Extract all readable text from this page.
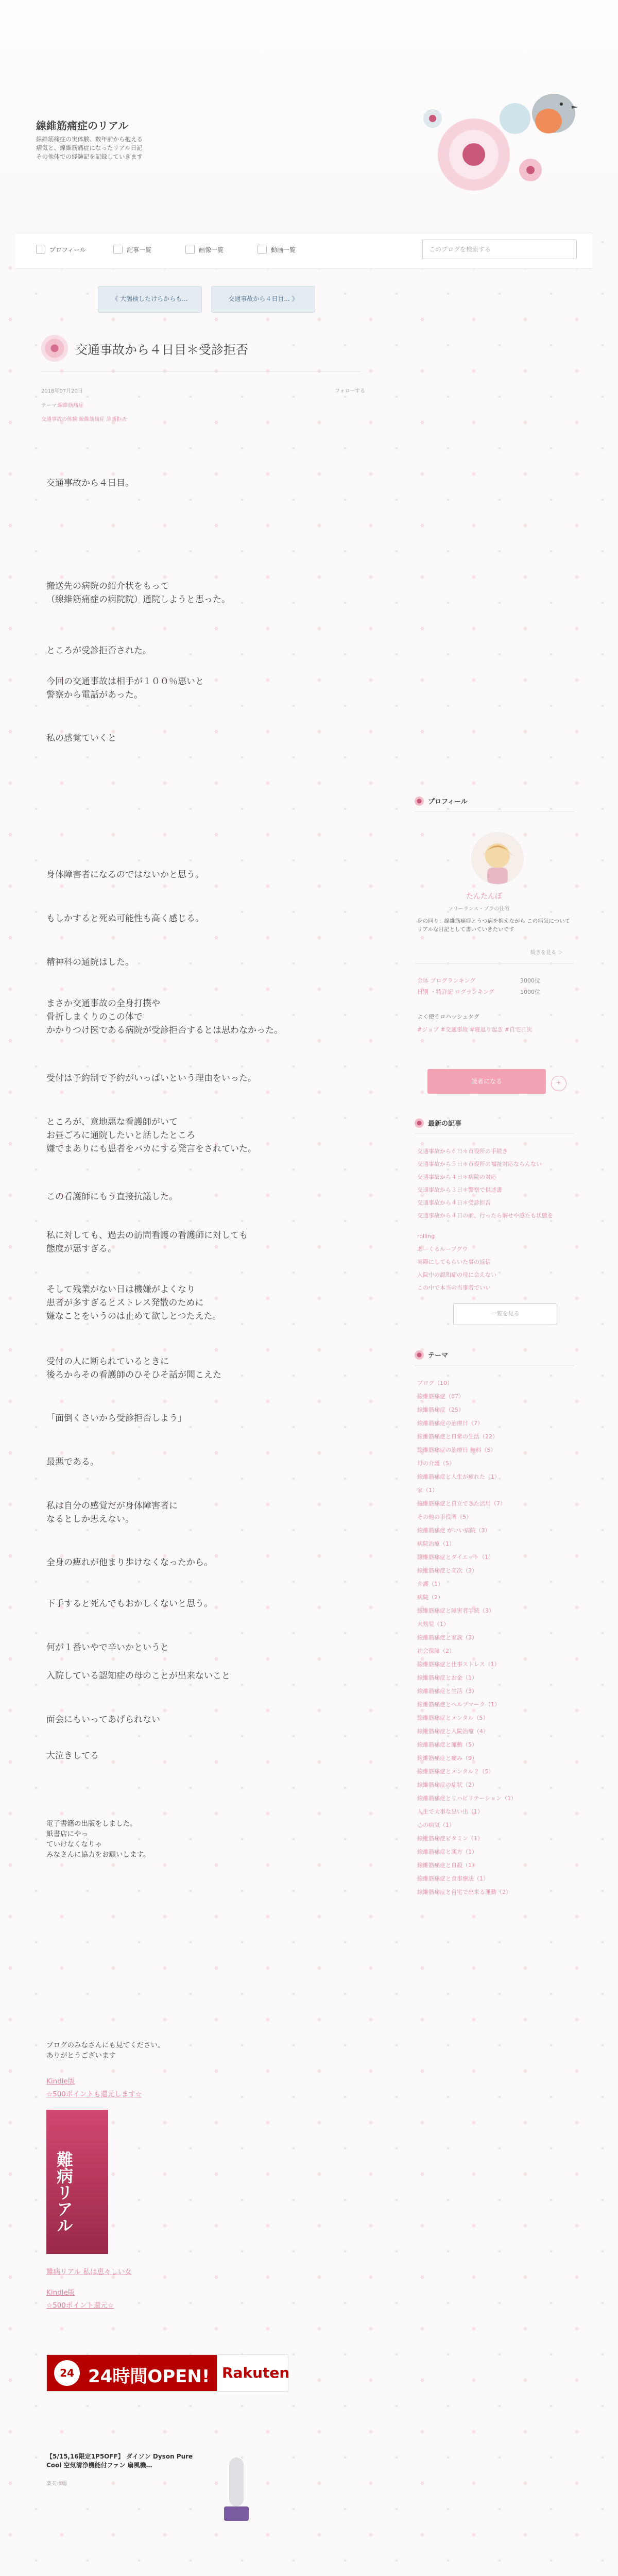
線維筋痛症のリアル
線維筋痛症の実体験、数年前から抱える
病気と、線維筋痛症になったリアル日記
その他体での経験記を記録していきます
プロフィール	記事一覧	画像一覧	動画一覧	このブログを検索する
《 大腸検したけらからも...	交通事故から４日目... 》
交通事故から４日目＊受診拒否
2018年07月20日	フォローする
テーマ：
線維筋痛症
交通事故の体験 線維筋痛症 診断拒否

交通事故から４日目。

搬送先の病院の紹介状をもって
（線維筋痛症の病院院）通院しようと思った。

ところが受診拒否された。

今回の交通事故は相手が１００％悪いと
警察から電話があった。

私の感覚ていくと

身体障害者になるのではないかと思う。

もしかすると死ぬ可能性も高く感じる。

精神科の通院はした。

まさか交通事故の全身打撲や
骨折しまくりのこの体で
かかりつけ医である病院が受診拒否するとは思わなかった。

受付は予約制で予約がいっぱいという理由をいった。

ところが、意地悪な看護師がいて
お昼ごろに通院したいと話したところ
嫌でまありにも患者をバカにする発言をされていた。

この看護師にもう直接抗議した。

私に対しても、過去の訪問看護の看護師に対しても
態度が悪すぎる。

そして残業がない日は機嫌がよくなり
患者が多すぎるとストレス発散のために
嫌なことをいうのは止めて欲しとつたえた。

受付の人に断られているときに
後ろからその看護師のひそひそ話が聞こえた

「面倒くさいから受診拒否しよう」

最悪である。

私は自分の感覚だが身体障害者に
なるとしか思えない。

全身の痺れが他まり歩けなくなったから。

下手すると死んでもおかしくないと思う。

何が１番いやで辛いかというと

入院している認知症の母のことが出来ないこと

面会にもいってあげられない

大泣きしてる

電子書籍の出版をしました。
紙書店にやっ
ていけなくなりゃ
みなさんに協力をお願いします。

ブログのみなさんにも見てください。
ありがとうございます

Kindle版

☆500ポイントも還元します☆

難病リアル

難病リアル 私は恵々しい女

Kindle版

☆500ポイント還元☆

24 24時間OPEN! Rakuten
【5/15,16限定1P5OFF】 ダイソン Dyson Pure Cool 空気清浄機能付ファン 扇風機…
楽天市場
プロフィール
たんたんぽ
フリーランス・ブラの住所
身の回り：線維筋痛症とうつ病を抱えながら この病気についてリアルな日記として書いていきたいです
続きを見る ＞
全体 プログランキング	3000位
日別 ・特許記 ログランキング	1000位
よく使うロハッシュタグ
#ジョブ #交通事故 #寝返り起き #自宅日次
読者になる	+
最新の記事
交通事故から６日＊市役所の手続き
交通事故から５日＊市役所の福祉対応ならんない
交通事故から４日＊病院の対応
交通事故から３日＊警察で供述書
交通事故から４日＊受診拒否
交通事故から４日の前、行ったら解せや感たも状態を
rolling
あーくるループグウ
実際にしてもらいた事の返信
入院中の認知症の母に会えない
この中で本当の当事者でいい
一覧を見る
テーマ
ブログ（10）
線維筋痛症（67）
線維筋痛症（25）
線維筋痛症の治療日（7）
線維筋痛症と日常の生活（22）
線維筋痛症の治療日 無料（5）
母の介護（5）
線維筋痛症と人生が疲れた（1）
家（1）
線維筋痛症と自立できた活用（7）
その他の市役所（5）
線維筋痛症 がいい病院（3）
病院治療（1）
線維筋痛症とダイエット（1）
線維筋痛症と高次（3）
介護（1）
病院（2）
線維筋痛症と障害者手続（3）
未熟児（1）
線維筋痛症と家族（3）
社会保障（2）
線維筋痛症と仕事ストレス（1）
線維筋痛症とお金（1）
線維筋痛症と生活（3）
線維筋痛症とヘルプマーク（1）
線維筋痛症とメンタル（5）
線維筋痛症と入院治療（4）
線維筋痛症と運動（5）
線維筋痛症と痛み（9）
線維筋痛症とメンタル２（5）
線維筋痛症の症状（2）
線維筋痛症とリハビリテーション（1）
人生で大事な思い出（1）
心の病気（1）
線維筋痛症ビタミン（1）
線維筋痛症と漢方（1）
線維筋痛症と自殺（1）
線維筋痛症と食事療法（1）
線維筋痛症と自宅で出来る運動（2）
